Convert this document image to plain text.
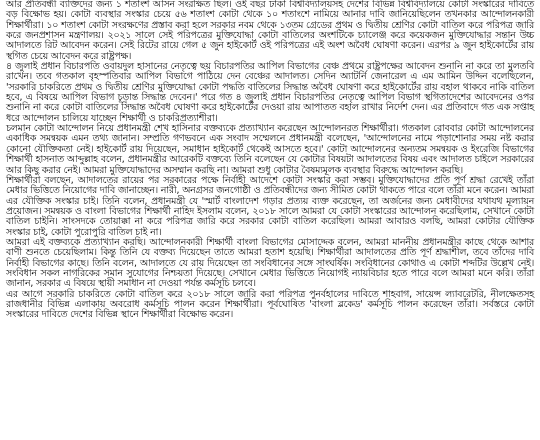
আর প্রতিবন্ধী ব্যক্তিদের জন্য ১ শতাংশ আসন সংরক্ষিত ছিল। ওই বছর ঢাকা বিশ্ববিদ্যালয়সহ দেশের বিভিন্ন বিশ্ববিদ্যালয়ে কোটা সংস্কারের দাবিতে বড় বিক্ষোভ হয়। কোটা ব্যবস্থার সংস্কার চেয়ে ৫৬ শতাংশ কোটা থেকে ১০ শতাংশে নামিয়ে আনার দাবি জানিয়েছিলেন তখনকার আন্দোলনকারী শিক্ষার্থীরা। ১০ শতাংশ কোটা সংরক্ষণের প্রস্তাব করা হলে সরকার নবম থেকে ১৩তম গ্রেডের প্রথম ও দ্বিতীয় শ্রেণির কোটা বাতিল করে পরিপত্র জারি করে জনপ্রশাসন মন্ত্রণালয়। ২০২১ সালে সেই পরিপত্রের মুক্তিযোদ্ধা কোটা বাতিলের অংশটিকে চ্যালেঞ্জ করে কয়েকজন মুক্তিযোদ্ধার সন্তান উচ্চ আদালতে রিট আবেদন করেন। সেই রিটের রায়ে গেল ৫ জুন হাইকোর্ট ওই পরিপত্রের এই অংশ অবৈধ ঘোষণা করেন। এরপর ৯ জুন হাইকোর্টের রায় স্থগিত চেয়ে আবেদন করে রাষ্ট্রপক্ষ।

৪ জুলাই প্রধান বিচারপতি ওবায়দুল হাসানের নেতৃত্বে ছয় বিচারপতির আপিল বিভাগের বেঞ্চ প্রথমে রাষ্ট্রপক্ষের আবেদন শুনানি না করে তা মুলতবি রাখেন। তবে গতকাল বৃহস্পতিবার আপিল বিভাগে পাঠিয়ে দেন বেঞ্চের আদালত। সেদিন অ্যাটর্নি জেনারেল এ এম আমিন উদ্দিন বলেছিলেন, 'সরকারি চাকরিতে প্রথম ও দ্বিতীয় শ্রেণির মুক্তিযোদ্ধা কোটা পদ্ধতি বাতিলের সিদ্ধান্ত অবৈধ ঘোষণা করে হাইকোর্টের রায় বহাল থাকবে নাকি বাতিল হবে, এ বিষয়ে আপিল বিভাগ চূড়ান্ত সিদ্ধান্ত দেবেন।' পরে গত ৪ জুলাই প্রধান বিচারপতির নেতৃত্বে আপিল বিভাগ স্থগিতাদেশের আবেদনের ওপর শুনানি না করে কোটা বাতিলের সিদ্ধান্ত অবৈধ ঘোষণা করে হাইকোর্টের দেওয়া রায় আপাতত বহাল রাখার নির্দেশ দেন। এর প্রতিবাদে গত এক সপ্তাহ ধরে আন্দোলন চালিয়ে যাচ্ছেন শিক্ষার্থী ও চাকরিপ্রত্যাশীরা।

চলমান কোটা আন্দোলন নিয়ে প্রধানমন্ত্রী শেখ হাসিনার বক্তব্যকে প্রত্যাখ্যান করেছেন আন্দোলনরত শিক্ষার্থীরা। গতকাল রোববার কোটা আন্দোলনের একাধিক সমন্বয়ক এমন তথ্য জানান। সম্প্রতি গণভবনে এক সংবাদ সম্মেলনে প্রধানমন্ত্রী বলেছেন, 'আন্দোলনের নামে পড়াশোনার সময় নষ্ট করার কোনো যৌক্তিকতা নেই। হাইকোর্ট রায় দিয়েছেন, সমাধান হাইকোর্ট থেকেই আসতে হবে।' কোটা আন্দোলনের অন্যতম সমন্বয়ক ও ইংরেজি বিভাগের শিক্ষার্থী হাসনাত আব্দুল্লাহ বলেন, প্রধানমন্ত্রীর আরেকটি বক্তব্যে তিনি বলেছেন যে কোটার বিষয়টা আদালতের বিষয় এবং আদালত চাইলে সরকারের আর কিছু করার নেই। আমরা মুক্তিযোদ্ধাদের অসম্মান করছি না। আমরা শুধু কোটার বৈষম্যমূলক ব্যবস্থার বিরুদ্ধে আন্দোলন করছি।

শিক্ষার্থীরা বলছেন, আদালতের রায়ের পর সরকারের পক্ষে নির্বাহী আদেশে কোটা সংস্কার করা সম্ভব। মুক্তিযোদ্ধাদের প্রতি পূর্ণ শ্রদ্ধা রেখেই তাঁরা মেধার ভিত্তিতে নিয়োগের দাবি জানাচ্ছেন। নারী, অনগ্রসর জনগোষ্ঠী ও প্রতিবন্ধীদের জন্য সীমিত কোটা থাকতে পারে বলে তাঁরা মনে করেন। আমরা এর যৌক্তিক সংস্কার চাই। তিনি বলেন, প্রধানমন্ত্রী যে 'স্মার্ট বাংলাদেশ গড়ার প্রত্যয় ব্যক্ত করেছেন, তা অর্জনের জন্য মেধাবীদের যথাযথ মূল্যায়ন প্রয়োজন। সমন্বয়ক ও বাংলা বিভাগের শিক্ষার্থী নাহিদ ইসলাম বলেন, ২০১৮ সালে আমরা যে কোটা সংস্কারের আন্দোলন করেছিলাম, সেখানে কোটা বাতিল চাইনি। সাংসদকে তোয়াক্কা না করে পরিপত্র জারি করে সরকার কোটা বাতিল করেছিল। আমরা আবারও বলছি, আমরা কোটার যৌক্তিক সংস্কার চাই, কোটা পুরোপুরি বাতিল চাই না।

আমরা এই বক্তব্যকে প্রত্যাখ্যান করছি। আন্দোলনকারী শিক্ষার্থী বাংলা বিভাগের মোসাদ্দেক বলেন, আমরা মাননীয় প্রধানমন্ত্রীর কাছে থেকে আশার বাণী শুনতে চেয়েছিলাম। কিন্তু তিনি যে বক্তব্য দিয়েছেন তাতে আমরা হতাশ হয়েছি। শিক্ষার্থীরা আদালতের প্রতি পূর্ণ শ্রদ্ধাশীল, তবে তাঁদের দাবি নির্বাহী বিভাগের কাছে। তিনি বলেন, আদালতে যে রায় দিয়েছেন তা সংবিধানের সঙ্গে সাংঘর্ষিক। সংবিধানের কোথাও এ কোটা শব্দটির উল্লেখ নেই। সংবিধান সকল নাগরিকের সমান সুযোগের নিশ্চয়তা দিয়েছে। সেখানে মেধার ভিত্তিতে নিয়োগই ন্যায়বিচার হতে পারে বলে আমরা মনে করি। তাঁরা জানান, সরকার এ বিষয়ে স্থায়ী সমাধান না দেওয়া পর্যন্ত কর্মসূচি চলবে।

এর আগে সরকারি চাকরিতে কোটা বাতিল করে ২০১৮ সালে জারি করা পরিপত্র পুনর্বহালের দাবিতে শাহবাগ, সায়েন্স ল্যাবরেটরি, নীলক্ষেতসহ রাজধানীর বিভিন্ন এলাকায় অবরোধ কর্মসূচি পালন করেন শিক্ষার্থীরা। পূর্বঘোষিত 'বাংলা ব্লকেড' কর্মসূচি পালন করেছেন তাঁরা। সর্বস্তরে কোটা সংস্কারের দাবিতে দেশের বিভিন্ন স্থানে শিক্ষার্থীরা বিক্ষোভ করেন।
